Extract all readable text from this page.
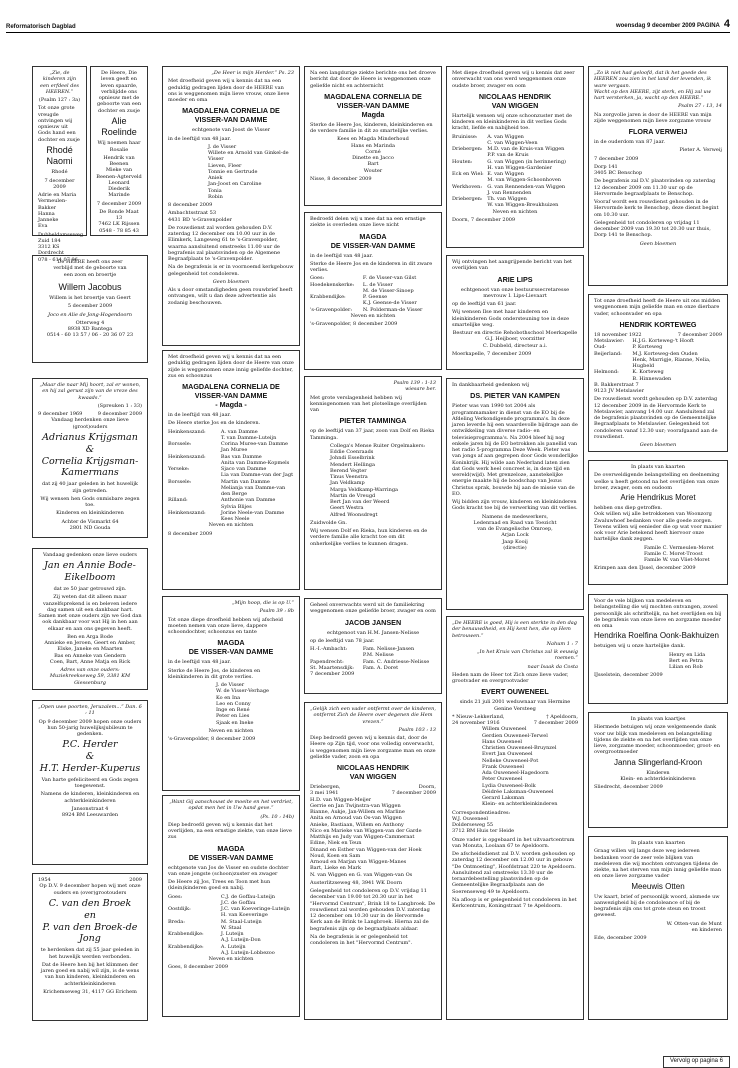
Reformatorisch Dagblad	woensdag 9 december 2009 PAGINA 4

„Zie, de kinderen zijn een erfdeel des HEEREN.”

(Psalm 127 : 3a)

Tot onze grote vreugde ontvingen wij opnieuw uit Gods hand een dochter en zusje

Rhodé Naomi

Rhodé

7 december 2009

Adrie en Maria Vermeulen-Bakker
Hanna
Janneke
Eva

Dubbeldamseweg Zuid 184
3312 KS Dordrecht
078 - 614 07 96

De Heere, Die leven geeft en leven spaarde, verblijdde ons opnieuw met de geboorte van een dochter en zusje

Alie Roelinde

Wij noemen haar Rosalie

Hendrik van Beenen
Mieke van Beenen-Agterveld
Leonard
Diederik
Marinde

7 december 2009

De Ronde Maat 13
7462 LK Rijssen
0548 - 78 85 43

De HEERE heeft ons zeer verblijd met de geboorte van een zoon en broertje

Willem Jacobus

Willem is het broertje van Geert

5 december 2009

Joco en Alie de Jong-Hogendoorn

Otterweg 4
8938 XD Bantega
0514 - 60 13 57 / 06 - 20 36 07 23

„Maar die naar Mij hoort, zal er wonen, en hij zal gerust zijn van de vreze des kwaads.”

(Spreuken 1 : 33)

9 december 1969	9 december 2009

Vandaag herdenken onze lieve (groot)ouders

Adrianus Krijgsman
&
Cornelia Krijgsman-Kamermans

dat zij 40 jaar geleden in het huwelijk zijn getreden.

Wij wensen hen Gods onmisbare zegen toe.

Kinderen en kleinkinderen

Achter de Vismarkt 64
2801 ND Gouda

Vandaag gedenken onze lieve ouders

Jan en Annie Bode-Eikelboom

dat ze 50 jaar getrouwd zijn.

Zij weten dat dit alleen maar vanzelfsprekend is en beleven iedere dag samen uit een dankbaar hart. Samen met onze ouders zijn we God dan ook dankbaar voor wat Hij in hen aan elkaar en aan ons gegeven heeft.

Ben en Arga Bode
Annieke en Jeroen, Geert en Amber, Elske, Janeke en Maarten
Bas en Anneke van Gendern
Coen, Bart, Anne Matja en Rick

Adres van onze ouders:
Muziekreekseweg 59, 3381 KM Giessenburg

„Open uwe poorten, Jeruzalem...” Dan. 6 : 11

Op 9 december 2009 hopen onze ouders hun 50-jarig huwelijksjubileum te gedenken.

P.C. Herder
&
H.T. Herder-Kuperus

Van harte gefeliciteerd en Gods zegen toegewenst.

Namens de kinderen, kleinkinderen en achterkleinkinderen

Jansonstraat 4
8924 BM Leeuwarden

1954	2009

Op D.V. 9 december hopen wij met onze ouders en (over)grootouders

C. van den Broek
en
P. van den Broek-de Jong

te herdenken dat zij 55 jaar geleden in het huwelijk werden verbonden.

Dat de Heere hen bij het klimmen der jaren goed en nabij wil zijn, is de wens van hun kinderen, kleinkinderen en achterkleinkinderen

Krichemseweg 31, 4117 GG Erichem

„De Heer is mijn Herder.” Ps. 23

Met droefheid geven wij u kennis dat na een geduldig gedragen lijden door de HEERE van ons is weggenomen mijn lieve vrouw, onze lieve moeder en oma

MAGDALENA CORNELIA DE VISSER-VAN DAMME

echtgenote van Joost de Visser

in de leeftijd van 48 jaar.

J. de Visser
Willete en Arnold van Ginkel-de Visser
Lieven, Fleer
Tonnie en Gertrude
Aniek
Jan-Joost en Caroline
Tonia
Robin

8 december 2009

Ambachtsstraat 53
4431 BD 's-Gravenpolder

De rouwdienst zal worden gehouden D.V. zaterdag 12 december om 10.00 uur in de Elimkerk, Langeweg 61 te 's-Gravenpolder, waarna aansluitend omstreeks 11.00 uur de begrafenis zal plaatsvinden op de Algemene Begraafplaats te 's-Gravenpolder.

Na de begrafenis is er in voornoemd kerkgebouw gelegenheid tot condoleren.

Geen bloemen

Als u door omstandigheden geen rouwbrief heeft ontvangen, wilt u dan deze advertentie als zodanig beschouwen.

Met droefheid geven wij u kennis dat na een geduldig gedragen lijden door de Heere van onze zijde is weggenomen onze innig geliefde dochter, zus en schoonzus

MAGDALENA CORNELIA DE VISSER-VAN DAMME
- Magda -

in de leeftijd van 48 jaar.

De Heere sterke Jos en de kinderen.

Heinkenszand:	A. van Damme
T. van Damme-Luteijn
Borssele:	Corina Muree-van Damme
Jan Muree
Heinkenszand:	Bas van Damme
Anita van Damme-Kopmels
Yerseke:	Sjaco van Damme
Lia van Damme-van der Jagt
Borssele:	Martin van Damme
Melianja van Damme-van den Berge
Rilland:	Anthonie van Damme
Sylvia Blijes
Heinkenszand:	Jorine Neele-van Damme
Kees Neele

Neven en nichten

8 december 2009

„Mijn hoop, die is op U.”

Psalm 39 : 8b

Tot onze diepe droefheid hebben wij afscheid moeten nemen van onze lieve, dappere schoondochter, schoonzus en tante

MAGDA
DE VISSER-VAN DAMME

in de leeftijd van 48 jaar.

Sterke de Heere Jos, de kinderen en kleinkinderen in dit grote verlies.

J. de Visser
W. de Visser-Verhage
Ko en Ina
Leo en Conny
Inge en René
Peter en Lies
Sjaak en Ineke

Neven en nichten

's-Gravenpolder, 8 december 2009

„Want Gij aanschouwt de moeite en het verdriet, opdat men het in Uw hand geve.”

(Ps. 10 : 14b)

Diep bedroefd geven wij u kennis dat het overlijden, na een ernstige ziekte, van onze lieve zus

MAGDA
DE VISSER-VAN DAMME

echtgenote van Jos de Visser en oudste dochter van onze jongste (schoon)zuster en zwager

De Heere zij Jos, Trees en Toon met hun (klein)kinderen goed en nabij.

Goes:	C.J. de Goffau-Luteijn
J.C. de Goffau
Oostdijk:	J.C. van Koeveringe-Luteijn
H. van Koeveringe
Breda:	M. Staal-Luteijn
W. Staal
Krabbendijke:	J. Luteijn
A.J. Luteijn-Don
Krabbendijke:	A. Luteijn
A.J. Luteijn-Lobbezoo

Neven en nichten

Goes, 8 december 2009

Na een langdurige ziekte berichte ons het droeve bericht dat door de Heere is weggenomen onze geliefde nicht en achternicht

MAGDALENA CORNELIA DE VISSER-VAN DAMME
Magda

Sterke de Heere Jos, kinderen, kleinkinderen en de verdere familie in dit zo smartelijke verlies.

Kees en Magda Minderhoud
Hans en Marinda
Corné
Dinette en Jacco
Bart
Wouter

Nisse, 8 december 2009

Bedroefd delen wij u mee dat na een ernstige ziekte is overleden onze lieve nicht

MAGDA
DE VISSER-VAN DAMME

in de leeftijd van 48 jaar.

Sterke de Heere Jos en de kinderen in dit zware verlies.

Goes:	F. de Visser-van Gilst
Hoedekenskerke:	L. de Visser
M. de Visser-Sinoep
Krabbendijke:	P. Geense
K.J. Geense-de Visser
's-Gravenpolder:	N. Polderman-de Visser

Neven en nichten

's-Gravenpolder, 8 december 2009

Psalm 139 : 1-13
wiesare ber.

Met grote verslagenheid hebben wij kennisgenomen van het plotselinge overlijden van

PIETER TAMMINGA

op de leeftijd van 37 jaar, zoon van Dolf en Rieka Tamminga.

Collega's Mense Ruiter Orgelmakers:
Eddie Coenraads
Johndi Esselbrink
Mendert Hellinga
Berend Vegter
Tinus Veenstra
Jan Veldkamp
Marga Veldkamp-Warringa
Martin de Vreugd
Bert Jan van der Weerd
Geert Westra
Alfred Woonsdregt

Zuidwolde Gn.

Wij wensen Dolf en Rieka, hun kinderen en de verdere familie alle kracht toe om dit onherkelijke verlies te kunnen dragen.

Geheel onverwachts werd uit de familiekring weggenomen onze geliefde broer, zwager en oom

JACOB JANSEN

echtgenoot van H.M. Jansen-Nelisse

op de leeftijd van 78 jaar.

H.-I.-Ambacht:	Fam. Nelisse-Jansen
P.M. Nelisse
Papendrecht:	Fam. C. Andriesse-Nelisse
St. Maartensdijk:	Fam. A. Doret

7 december 2009

„Gelijk zich een vader ontfermt over de kinderen, ontfermt Zich de Heere over degenen die Hem vrezen.”

Psalm 103 : 13

Diep bedroefd geven wij u kennis dat, door de Heere op Zijn tijd, voor ons volledig onverwacht, is weggenomen mijn lieve zorgzame man en onze geliefde vader, zoon en opa

NICOLAAS HENDRIK
VAN WIGGEN

Driebergen,
3 mei 1941
Doorn,
7 december 2009

H.D. van Wiggen-Meijer
Gerrie en Jan Twijnstra-van Wiggen
Bianne, Aukje, Jan-Willem en Marline
Anita en Arnoud van Os-van Wiggen
Anieke, Bastiaan, Willem en Anthony
Nico en Marieke van Wiggen-van der Garde
Matthijs en Judy van Wiggen-Cammeraat
Edine, Niek en Teun
Dinand en Esther van Wiggen-van der Hoek
Noud, Koen en Sam
Arnoud en Marjan van Wiggen-Manes
Bart, Lieke en Mark
N. van Wiggen en G. van Wiggen-van Os

Austerlitzseweg 48, 3941 WK Doorn

Gelegenheid tot condoleren op D.V. vrijdag 11 december van 19.00 tot 20.30 uur in het "Hervormd Centrum", Brink 18 te Langbroek. De rouwdienst zal worden gehouden D.V. zaterdag 12 december om 10.30 uur in de Hervormde Kerk aan de Brink te Langbroek. Hierna zal de begrafenis zijn op de begraafplaats aldaar.

Na de begrafenis is er gelegenheid tot condoleren in het "Hervormd Centrum".

Met diepe droefheid geven wij u kennis dat zeer onverwacht van ons werd weggenomen onze oudste broer, zwager en oom

NICOLAAS HENDRIK
VAN WIGGEN

Hartelijk wensen wij onze schoonzuster met de kinderen en kleinkinderen in dit verlies Gods kracht, liefde en nabijheid toe.

Bruinisse:	A. van Wiggen
C. van Wiggen-Veen
Driebergen: M.D. van de Kruis-van Wiggen
P.P. van de Kruis
Houten:	G. van Wiggen (in herinnering)
H. van Wiggen-Gardenier
Eck en Wiel: E. van Wiggen
M. van Wiggen-Schoonhoven
Werkhoven:	G. van Rennenden-van Wiggen
J. van Rennenden
Driebergen: Th. van Wiggen
W. van Wiggen-Breukhuizen

Neven en nichten

Doorn, 7 december 2009

Wij ontvingen het aangrijpende bericht van het overlijden van

ARIE LIPS

echtgenoot van onze bestuurssecretaresse mevrouw I. Lips-Lievaart

op de leeftijd van 61 jaar.

Wij wensen Ilse met haar kinderen en kleinkinderen Gods ondersteuning toe in deze smartelijke weg.

Bestuur en directie Rehobothschool Moerkapelle
G.J. Heijboer, voorzitter
C. Dubbeld, directeur a.i.

Moerkapelle, 7 december 2009

In dankbaarheid gedenken wij

DS. PIETER VAN KAMPEN

Pieter was van 1990 tot 2004 als programmamaker in dienst van de EO bij de Afdeling Verkondigende programma's. In deze jaren leverde hij een waardevolle bijdrage aan de ontwikkeling van diverse radio- en televisieprogramma's. Na 2004 bleef hij nog enkele jaren bij de EO betrokken als panellid van het radio 5-programma Deze Week. Pieter was van jongs af aan gegrepen door Gods wonderlijke Koninkrijk. Hij wilde aan Nederland laten zien dat Gods werk heel concreet is, in deze tijd en wereld(wijd). Met grenzeloze, aanstekelijke energie maakte hij de boodschap van Jezus Christus sprak, bouwde hij aan de missie van de EO.

Wij bidden zijn vrouw, kinderen en kleinkinderen Gods kracht toe bij de verwerking van dit verlies.

Namens de medewerkers,
Ledenraad en Raad van Toezicht
van de Evangelische Omroep,
Arjan Lock
Jaap Kooij
(directie)

„De HEERE is goed, Hij is een sterkte in den dag der benauwdheid, en Hij kent hen, die op Hem betrouwen.”

Nahum 1 : 7

„In het Kruis van Christus zal ik eeuwig roemen.”

naar Isaak da Costa

Heden nam de Heer tot Zich onze lieve vader, grootvader en overgrootvader

EVERT OUWENEEL

sinds 21 juli 2001 weduwnaar van Hermine Genine Versteeg

* Nieuw-Lekkerland,
24 november 1916
† Apeldoorn,
7 december 2009

Willem Ouweneel
Gerdien Ouweneel-Terwel
Hans Ouweneel
Christien Ouweneel-Bruynzel
Evert Jan Ouweneel
Nelleke Ouweneel-Pot
Frank Ouweneel
Ada Ouweneel-Hagedoorn
Peter Ouweneel
Lydia Ouweneel-Bolk
Déidrée Laksman-Ouweneel
Gerard Laksman
Klein- en achterkleinkinderen

Correspondentieadres:
W.J. Ouweneel
Dolderseweg 55
3712 BM Huis ter Heide

Onze vader is opgebaard in het uitvaartcentrum van Monuta, Loolaan 67 te Apeldoorn.

De afscheidsdienst zal D.V. worden gehouden op zaterdag 12 december om 12.00 uur in gebouw "De Ontmoeting", Hoofdstraat 220 te Apeldoorn. Aansluitend zal omstreeks 13.30 uur de teraardebestelling plaatsvinden op de Gemeentelijke Begraafplaats aan de Soerenseweg 49 te Apeldoorn.

Na afloop is er gelegenheid tot condoleren in het Kerkcentrum, Koningstraat 7 te Apeldoorn.

„Zo ik niet had geloofd, dat ik het goede des HEEREN zou zien in het land der levenden, ik ware vergaan.
Wacht op den HEERE, zijt sterk, en Hij zal uw hart versterken, ja, wacht op den HEERE.”

Psalm 27 : 13, 14

Na zorgvolle jaren is door de HEERE van mijn zijde weggenomen mijn lieve zorgzame vrouw

FLORA VERWEIJ

in de ouderdom van 87 jaar.

Pieter A. Verweij

7 december 2009

Dorp 141
3405 BC Benschop

De begrafenis zal D.V. plaatsvinden op zaterdag 12 december 2009 om 11.30 uur op de Hervormde begraafplaats te Benschop.

Vooraf wordt een rouwdienst gehouden in de Hervormde kerk te Benschop, deze dienst begint om 10.30 uur.

Gelegenheid tot condoleren op vrijdag 11 december 2009 van 19.30 tot 20.30 uur thuis, Dorp 141 te Benschop.

Geen bloemen

Tot onze droefheid heeft de Heere uit ons midden weggenomen mijn geliefde man en onze dierbare vader, schoonvader en opa

HENDRIK KORTEWEG

18 november 1922	7 december 2009
Metslawier:	H.J.G. Korteweg-'t Hooft
Oud-Beijerland:
P. Korteweg
M.J. Korteweg-den Ouden
Henk, Marrigje, Rianne, Nelia, Hugbeld
Helmond:	K. Korteweg
B. Hinnewaden

B. Bakkerstraat 7
9123 JV Metslawier

De rouwdienst wordt gehouden op D.V. zaterdag 12 december 2009 in de Hervormde Kerk te Metslawier, aanvang 14.00 uur. Aansluitend zal de begrafenis plaatsvinden op de Gemeentelijke Begraafplaats te Metslawier. Gelegenheid tot condoleren vanaf 12.30 uur; voorafgaand aan de rouwdienst.

Geen bloemen

In plaats van kaarten

De overweldigende belangstelling en deelneming welke u heeft getoond na het overlijden van onze broer, zwager, oom en oudoom

Arie Hendrikus Moret

hebben ons diep getroffen.
Ook willen wij alle betrokkenen van Woonzorg Zwaluwhoef bedanken voor alle goede zorgen. Tevens willen wij eenieder die op wat voor manier ook voor Arie betekend heeft hiervoor onze hartelijke dank zeggen.

Famile C. Vermeulen-Moret
Famile C. Moret-Troost
Famile W. van Vliet-Moret

Krimpen aan den IJssel, december 2009

Voor de vele blijken van medeleven en belangstelling die wij mochten ontvangen, zowel persoonlijk als schriftelijk, na het overlijden en bij de begrafenis van onze lieve en zorgzame moeder en oma

Hendrika Roelfina Oonk-Bakhuizen

betuigen wij u onze hartelijke dank.

Henry en Lida
Bert en Petra
Lilian en Rob

IJsselstein, december 2009

In plaats van kaartjes

Hiermede betuigen wij onze welgemeende dank voor uw blijk van medeleven en belangstelling tijdens de ziekte en na het overlijden van onze lieve, zorgzame moeder, schoonmoeder, groot- en overgrootmoeder

Janna Slingerland-Kroon

Kinderen
Klein- en achterkleinkinderen

Sliedrecht, december 2009

In plaats van kaarten

Graag willen wij langs deze weg iedereen bedanken voor de zeer vele blijken van medeleven die wij mochten ontvangen tijdens de ziekte, na het sterven van mijn innig geliefde man en onze lieve zorgzame vader

Meeuwis Otten

Uw kaart, brief of persoonlijk woord, alsmede uw aanwezigheid bij de condoleance of bij de begrafenis zijn ons tot grote steun en troost geweest.

W. Otten-van de Munt
en kinderen

Ede, december 2009

Vervolg op pagina 6
